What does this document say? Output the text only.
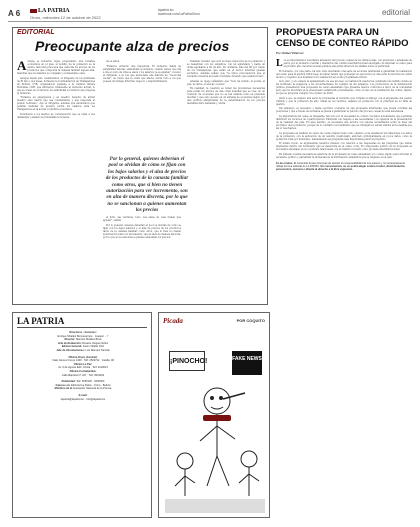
A 6	LA PATRIA
Oruro, miércoles 12 de octubre de 2022
lapatria.bo
facebook.com/LaPatriaOruro	editorial
EDITORIAL
Preocupante alza de precios

Aunque el Gobierno sigue pregonando una bonanza económica en el país, el bolsillo de la población se la siente, más bien preocupa que cada día los precios de los productos que componen la canasta familiar siguen alza, mientras que los salarios se congelan y el desempleo sube.

Aunque hayan sido cuestionados, el dirigente de los gremiales de El Alto y sus bases, formaron la Confederación de Trabajadores de Bolivia, CTB, organización paralela a la Central Obrera Boliviana, COB, que afirmaron totalmente al Gobierno actual, lo que se crean en el discurso de estabilidad económica que pregona el Gobierno.

"Estamos en emergencia y en nuestro derecho de armar nuestro ente matriz que sea contestatario y que responda al pueblo boliviano", dijo el dirigente, además que anunciaron que pedirán medidas de presión contra los salarios para los trabajadores en la actual coyuntura económica.

Solicitaron a los medios de comunicación que se unan a sus demandas y analizó la problemática reciente.

de su salud.

"Estamos viviendo una impostura. El Gobierno habla de estabilidad laboral, estabilidad económica, cuando vemos que día a día el costo de vida se eleva y los salarios ya se ajustan", recalcó el dirigente, a la vez que anunciaba una marcha de "cacerolas vacías", en razón que la crisis que afecta, sobre todo a los que poseen un trabajo informal, negocio o emprendimiento.

Por lo general, quienes deberían el pool se olvidan de cómo se fijan con los bajos salarios y el alza de precios de los productos de la canasta familiar como otros, que si bien no tienen autorización para ver incremento, son en alza de manera discreta, por lo que no se sancionan a quienes aumentan los precios

el lidro, las verduras, todo. Las amas de casa tienen que ajustar", señaló.

Por lo general, quienes deberían el pool se olvidan de cómo se fijan con los bajos salarios y el alza de precios de los productos tanto de la canasta familiar como otros, que si bien no tienen autorización para ver incremento, van en alza de manera discreta, por lo que no se sanciona a quienes aumentan los precios.

También reclamó que sólo se tiene reducción de la población y se benefician con los subsidios, con un agrandado y hasta un doble aguinaldo a fin de año. No obstante, más del 80 por ciento de los trabajadores que están en el sector informal quedan excluidos. Además señaló que "la única preocupación que el Gobierno muestra al pueblo boliviano diciendo que estamos bien".

Además se quejó señalando que "todo ha subido, el aceite, el pan, la carne, el azúcar, el arroz

En realidad, la cuestión es tomar las previsiones necesarias para evitar los efectos de una crisis mundial que se vive, en un contexto de economía que no es tan estable como se pretende mostrar y que esto sucede en un sistema de economía regido por una política antiprimaria de la determinación de los precios mediante libre demanda y oferta.

PROPUESTA PARA UN CENSO DE CONTEO RÁPIDO
Por: Rafael Villarroel

Los acontecimientos suscitados alrededor del proceso censal de los últimos días, con presiones y amenazas de paros por el Gobierno Central y miembros del comité interinstitucional encargado de impulsar el censo para el próximo año, llevaron la tarea pública una grata situación de análisis sobre el particular.

El Gobierno, por una parte, ha sido visto mezclando una serie de acciones tendientes a garantizar la realización del censo para la gestión 2024 luego de haber tenido que postergar su ejecución por una serie de factores de orden técnico y logístico que impidieron su realización en el año programado inicial.

Acto esto, y en ocasión al aplazamiento de ese proceso, la realización exacta fue celebrada vía Cabildo donde se ha notificado la exigencia a los incontractuales de cumplir un sin embargo. Los promotores de la deliberación pública presentaron una propuesta de censo adelantado que presenta nuevos contornos a favor de la comunidad pero que no incurrían en el presupuesto establecido previamente, como el caso de la realización del conteo rápido, ya que se proponía cumplir con el plazo de 2023.

Junto a eso, se sugiere una serie de propuestas al Gobierno que rompan el diálogo con el argumento del pueblo Cabildo y que la población ha sido citada en los recintos, dejando su población con el principal de su falta de gestión.

Sin embargo, es necesario y hasta oportuno ocuparse de una propuesta intermedia, que pueda conciliar las posiciones y que a través de la misma se pueda a garantizar el período del proceso censal de esta naturaleza.

La importancia del censo es innegable, tan solo por la necesidad de contar con datos actualizados que permitan distribuir los recursos de coparticipación tributaria con respeto a las necesidades y la vigencia de la presentación de la realidad del país. En este sentido, es necesaria una lectura con valores actualizados sobre la base del prorrateo de la población, porque de lo contrario los resultados que se obtengan no serían válidos en la medida que así lo resolvamos.

La propuesta de realizar un censo de conteo rápido tiene como objetivo el de establecer sin dilaciones, los datos de la población, con la aplicación de un sencillo cuestionario enfocado principalmente en pocos datos, como la población total por municipio, manteniendo las preguntas más importantes para tal propósito.

El mismo modo, se argumentan nuestros mismos con relación a las respuestas de las preguntas que deben plantearse dentro del formulario que se desarrolla en el censo corto. El componente político de la propuesta se encuentra enraizado en la coyuntura relacionada con el Cabildo Cruceño como protesta interinstitucional.

En síntesis, resulta necesaria la apertura de la propuesta de censo adelantado y/o conteo rápido para afrontar el escenario político y garantizar la idoneidad de la información estadística que se requiere en el país.

Fe de erratas: El contenido de las columnas de opinión es responsabilidad de sus autores y no necesariamente refleja la línea editorial de LA PATRIA. En consecuencia, no se podrá alegar contra el autor, discriminación, persecución, censura o afrenta al derecho a la libre expresión.
LA PATRIA
Directores - Gerentes:
Enrique Miralles Bonnecarrere · Joaquín ...†
Director: Marcelo Miralles Bové
Jefe de Redacción: Rosario Vargas Núñez
Editora General: Karen Villalta Ortiz
Jefe de Informaciones: Luis Mamani Tanzaki
Oficina Oruro (Central):
Calle Jaimes Freyre 1400 · Telf: 2522722 · Casilla: 48
Oficina La Paz:
Av. 6 de Agosto Edif. Cristal · Telf: 2119013
Oficina Cochabamba:
Calle Baptista N° 247 · Telf: 4501452
Publicidad: Telf: 5250125 · 5250500
Impreso en: Editorial La Patria · Oruro - Bolivia
Miembro de la Asociación Nacional de la Prensa
E-mail:
lapatria@lapatria.bo · info@lapatria.bo
Picada	POR COQUITO
¡PINOCHO!	FAKE NEWS
